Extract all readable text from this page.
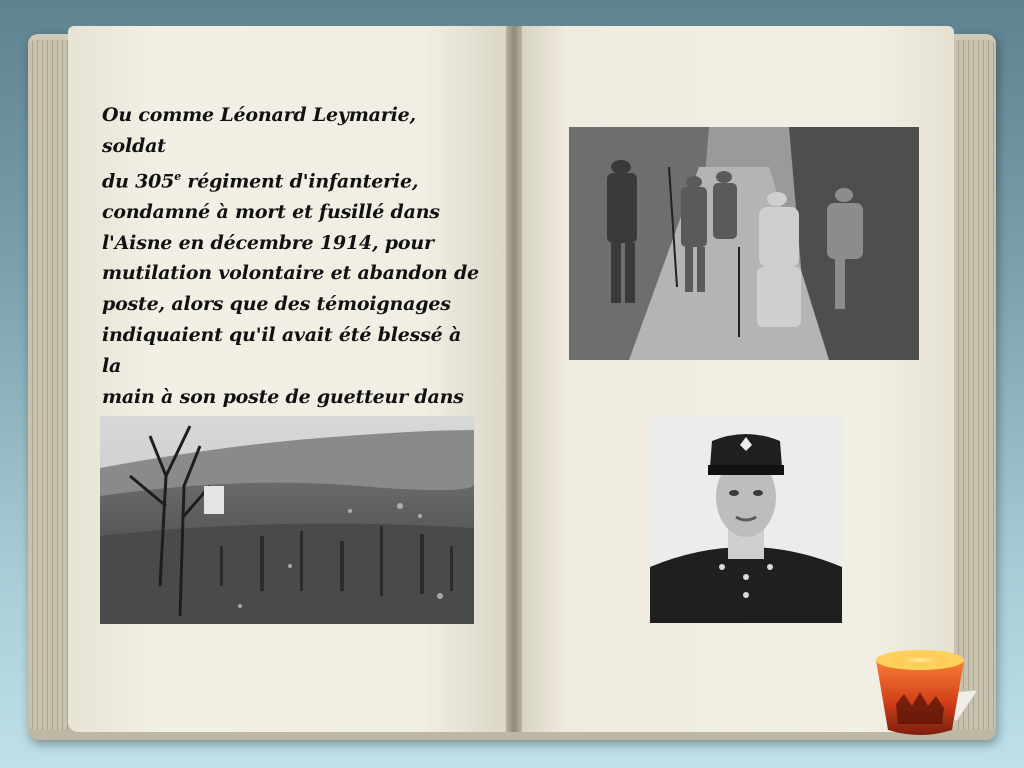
Ou comme Léonard Leymarie, soldat
du 305e régiment d'infanterie,
condamné à mort et fusillé dans
l'Aisne en décembre 1914, pour
mutilation volontaire et abandon de
poste, alors que des témoignages
indiquaient qu'il avait été blessé à la
main à son poste de guetteur dans
